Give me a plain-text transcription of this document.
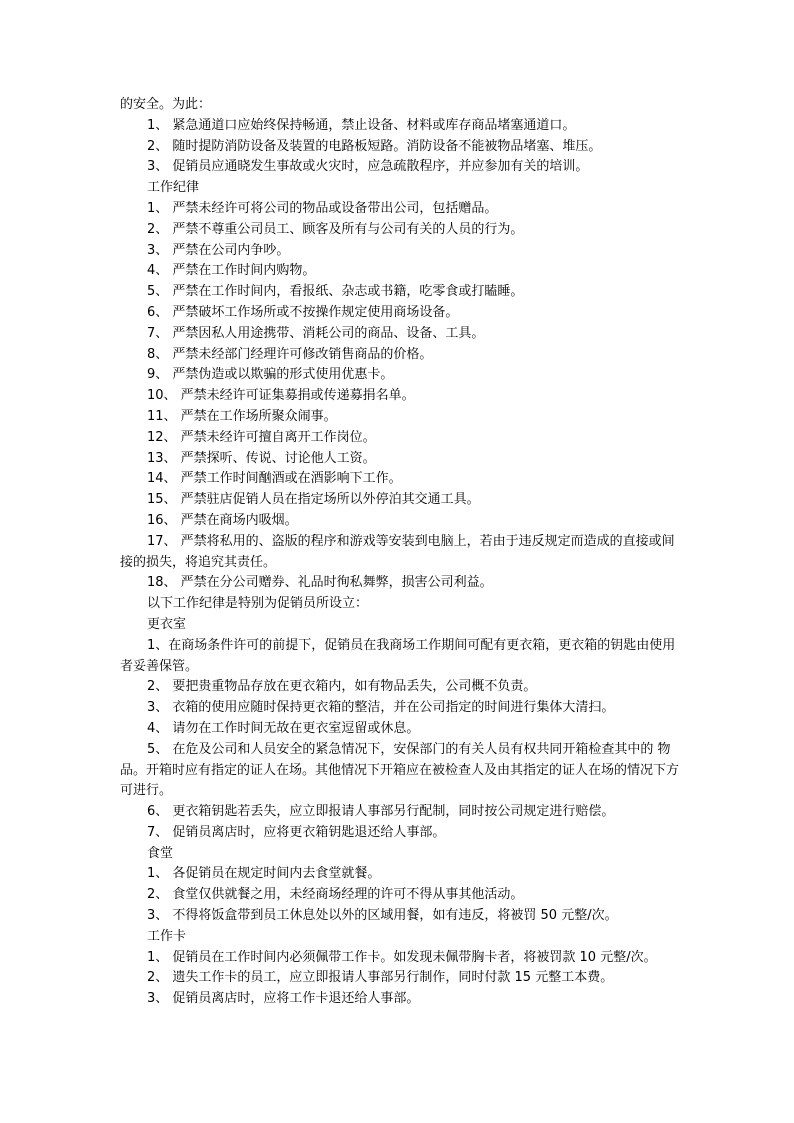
的安全。为此：
1、 紧急通道口应始终保持畅通，禁止设备、材料或库存商品堵塞通道口。
2、 随时提防消防设备及装置的电路板短路。消防设备不能被物品堵塞、堆压。
3、 促销员应通晓发生事故或火灾时，应急疏散程序，并应参加有关的培训。
工作纪律
1、 严禁未经许可将公司的物品或设备带出公司，包括赠品。
2、 严禁不尊重公司员工、顾客及所有与公司有关的人员的行为。
3、 严禁在公司内争吵。
4、 严禁在工作时间内购物。
5、 严禁在工作时间内，看报纸、杂志或书籍，吃零食或打瞌睡。
6、 严禁破坏工作场所或不按操作规定使用商场设备。
7、 严禁因私人用途携带、消耗公司的商品、设备、工具。
8、 严禁未经部门经理许可修改销售商品的价格。
9、 严禁伪造或以欺骗的形式使用优惠卡。
10、 严禁未经许可证集募捐或传递募捐名单。
11、 严禁在工作场所聚众闹事。
12、 严禁未经许可擅自离开工作岗位。
13、 严禁探听、传说、讨论他人工资。
14、 严禁工作时间酗酒或在酒影响下工作。
15、 严禁驻店促销人员在指定场所以外停泊其交通工具。
16、 严禁在商场内吸烟。
17、 严禁将私用的、盗版的程序和游戏等安装到电脑上，若由于违反规定而造成的直接或间接的损失，将追究其责任。
18、 严禁在分公司赠券、礼品时徇私舞弊，损害公司利益。
以下工作纪律是特别为促销员所设立：
更衣室
1、在商场条件许可的前提下，促销员在我商场工作期间可配有更衣箱，更衣箱的钥匙由使用者妥善保管。
2、 要把贵重物品存放在更衣箱内，如有物品丢失，公司概不负责。
3、 衣箱的使用应随时保持更衣箱的整洁，并在公司指定的时间进行集体大清扫。
4、 请勿在工作时间无故在更衣室逗留或休息。
5、 在危及公司和人员安全的紧急情况下，安保部门的有关人员有权共同开箱检查其中的 物品。开箱时应有指定的证人在场。其他情况下开箱应在被检查人及由其指定的证人在场的情况下方可进行。
6、 更衣箱钥匙若丢失，应立即报请人事部另行配制，同时按公司规定进行赔偿。
7、 促销员离店时，应将更衣箱钥匙退还给人事部。
食堂
1、 各促销员在规定时间内去食堂就餐。
2、 食堂仅供就餐之用，未经商场经理的许可不得从事其他活动。
3、 不得将饭盒带到员工休息处以外的区域用餐，如有违反，将被罚 50 元整/次。
工作卡
1、 促销员在工作时间内必须佩带工作卡。如发现未佩带胸卡者，将被罚款 10 元整/次。
2、 遗失工作卡的员工，应立即报请人事部另行制作，同时付款 15 元整工本费。
3、 促销员离店时，应将工作卡退还给人事部。
